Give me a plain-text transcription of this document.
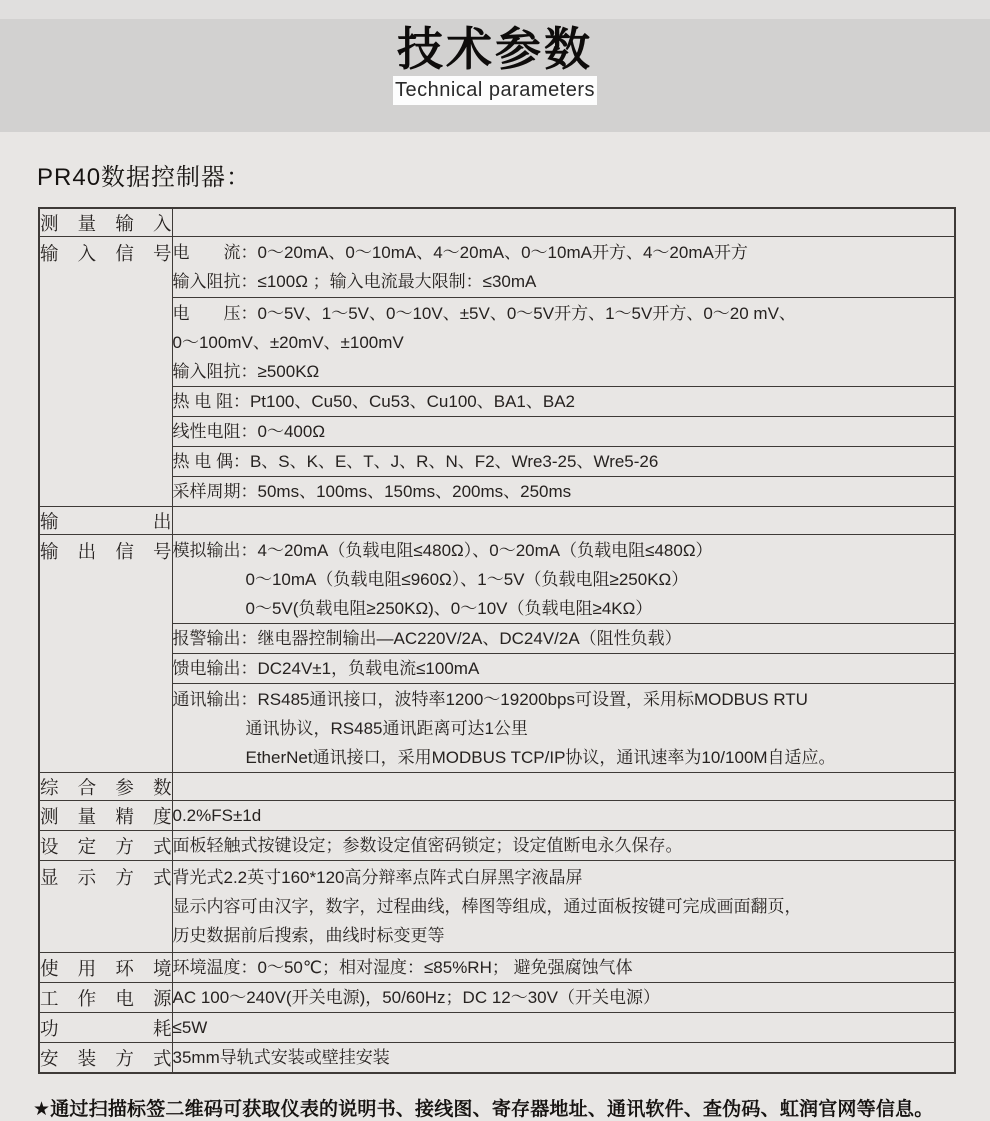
技术参数
Technical parameters
PR40数据控制器：
测量输入	

输入信号	电　　流：0～20mA、0～10mA、4～20mA、0～10mA开方、4～20mA开方
输入阻抗：≤100Ω ；输入电流最大限制：≤30mA

	电　　压：0～5V、1～5V、0～10V、±5V、0～5V开方、1～5V开方、0～20 mV、
0～100mV、±20mV、±100mV
输入阻抗：≥500KΩ

	热 电 阻：Pt100、Cu50、Cu53、Cu100、BA1、BA2

	线性电阻：0～400Ω

	热 电 偶：B、S、K、E、T、J、R、N、F2、Wre3-25、Wre5-26

	采样周期：50ms、100ms、150ms、200ms、250ms

输出	

输出信号	模拟输出：4～20mA（负载电阻≤480Ω）、0～20mA（负载电阻≤480Ω）
0～10mA（负载电阻≤960Ω）、1～5V（负载电阻≥250KΩ）
0～5V(负载电阻≥250KΩ)、0～10V（负载电阻≥4KΩ）

	报警输出：继电器控制输出—AC220V/2A、DC24V/2A（阻性负载）

	馈电输出：DC24V±1，负载电流≤100mA

	通讯输出：RS485通讯接口，波特率1200～19200bps可设置，采用标MODBUS RTU
通讯协议，RS485通讯距离可达1公里
EtherNet通讯接口，采用MODBUS TCP/IP协议，通讯速率为10/100M自适应。

综合参数	

测量精度	0.2%FS±1d

设定方式	面板轻触式按键设定；参数设定值密码锁定；设定值断电永久保存。

显示方式	背光式2.2英寸160*120高分辩率点阵式白屏黑字液晶屏
显示内容可由汉字，数字，过程曲线，棒图等组成，通过面板按键可完成画面翻页，
历史数据前后搜索，曲线时标变更等

使用环境	环境温度：0～50℃；相对湿度：≤85%RH； 避免强腐蚀气体

工作电源	AC 100～240V(开关电源)，50/60Hz；DC 12～30V（开关电源）

功耗	≤5W

安装方式	35mm导轨式安装或壁挂安装

★通过扫描标签二维码可获取仪表的说明书、接线图、寄存器地址、通讯软件、查伪码、虹润官网等信息。
